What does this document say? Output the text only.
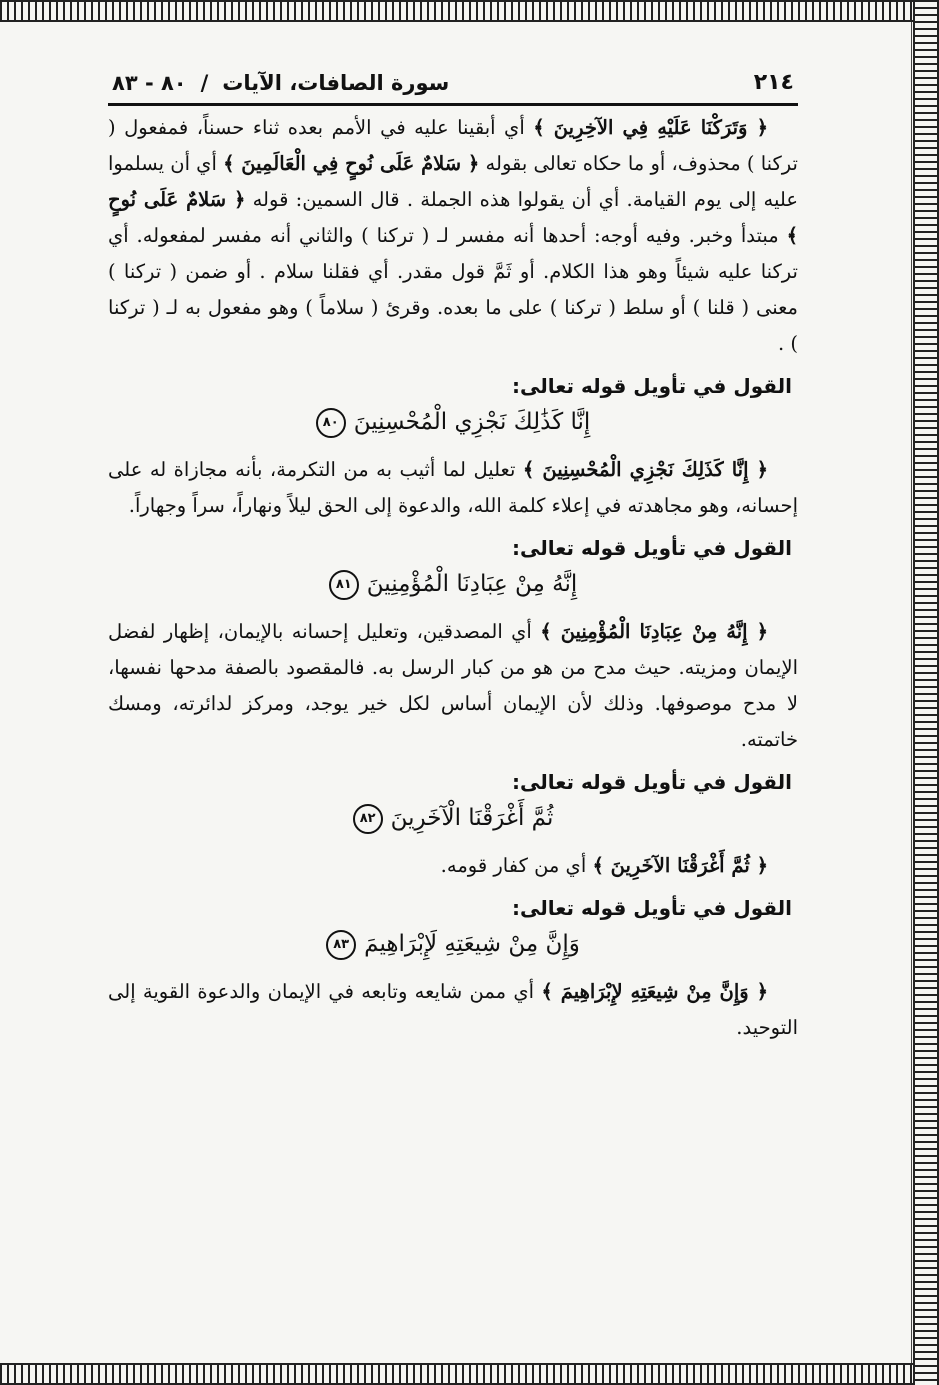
٢١٤
سورة الصافات، الآيات
/
٨٠ - ٨٣

﴿ وَتَرَكْنَا عَلَيْهِ فِي الآخِرِينَ ﴾ أي أبقينا عليه في الأمم بعده ثناء حسناً، فمفعول ( تركنا ) محذوف، أو ما حكاه تعالى بقوله ﴿ سَلامٌ عَلَى نُوحٍ فِي الْعَالَمِينَ ﴾ أي أن يسلموا عليه إلى يوم القيامة. أي أن يقولوا هذه الجملة . قال السمين: قوله ﴿ سَلامٌ عَلَى نُوحٍ ﴾ مبتدأ وخبر. وفيه أوجه: أحدها أنه مفسر لـ ( تركنا ) والثاني أنه مفسر لمفعوله. أي تركنا عليه شيئاً وهو هذا الكلام. أو ثَمَّ قول مقدر. أي فقلنا سلام . أو ضمن ( تركنا ) معنى ( قلنا ) أو سلط ( تركنا ) على ما بعده. وقرئ ( سلاماً ) وهو مفعول به لـ ( تركنا ) .

القول في تأويل قوله تعالى:
إِنَّا كَذَٰلِكَ نَجْزِي الْمُحْسِنِينَ٨٠

﴿ إِنَّا كَذَلِكَ نَجْزِي الْمُحْسِنِينَ ﴾ تعليل لما أثيب به من التكرمة، بأنه مجازاة له على إحسانه، وهو مجاهدته في إعلاء كلمة الله، والدعوة إلى الحق ليلاً ونهاراً، سراً وجهاراً.

القول في تأويل قوله تعالى:
إِنَّهُ مِنْ عِبَادِنَا الْمُؤْمِنِينَ٨١

﴿ إِنَّهُ مِنْ عِبَادِنَا الْمُؤْمِنِينَ ﴾ أي المصدقين، وتعليل إحسانه بالإيمان، إظهار لفضل الإيمان ومزيته. حيث مدح من هو من كبار الرسل به. فالمقصود بالصفة مدحها نفسها، لا مدح موصوفها. وذلك لأن الإيمان أساس لكل خير يوجد، ومركز لدائرته، ومسك خاتمته.

القول في تأويل قوله تعالى:
ثُمَّ أَغْرَقْنَا الْآخَرِينَ٨٢

﴿ ثُمَّ أَغْرَقْنَا الآخَرِينَ ﴾ أي من كفار قومه.

القول في تأويل قوله تعالى:
وَإِنَّ مِنْ شِيعَتِهِ لَإِبْرَاهِيمَ٨٣

﴿ وَإِنَّ مِنْ شِيعَتِهِ لإِبْرَاهِيمَ ﴾ أي ممن شايعه وتابعه في الإيمان والدعوة القوية إلى التوحيد.
